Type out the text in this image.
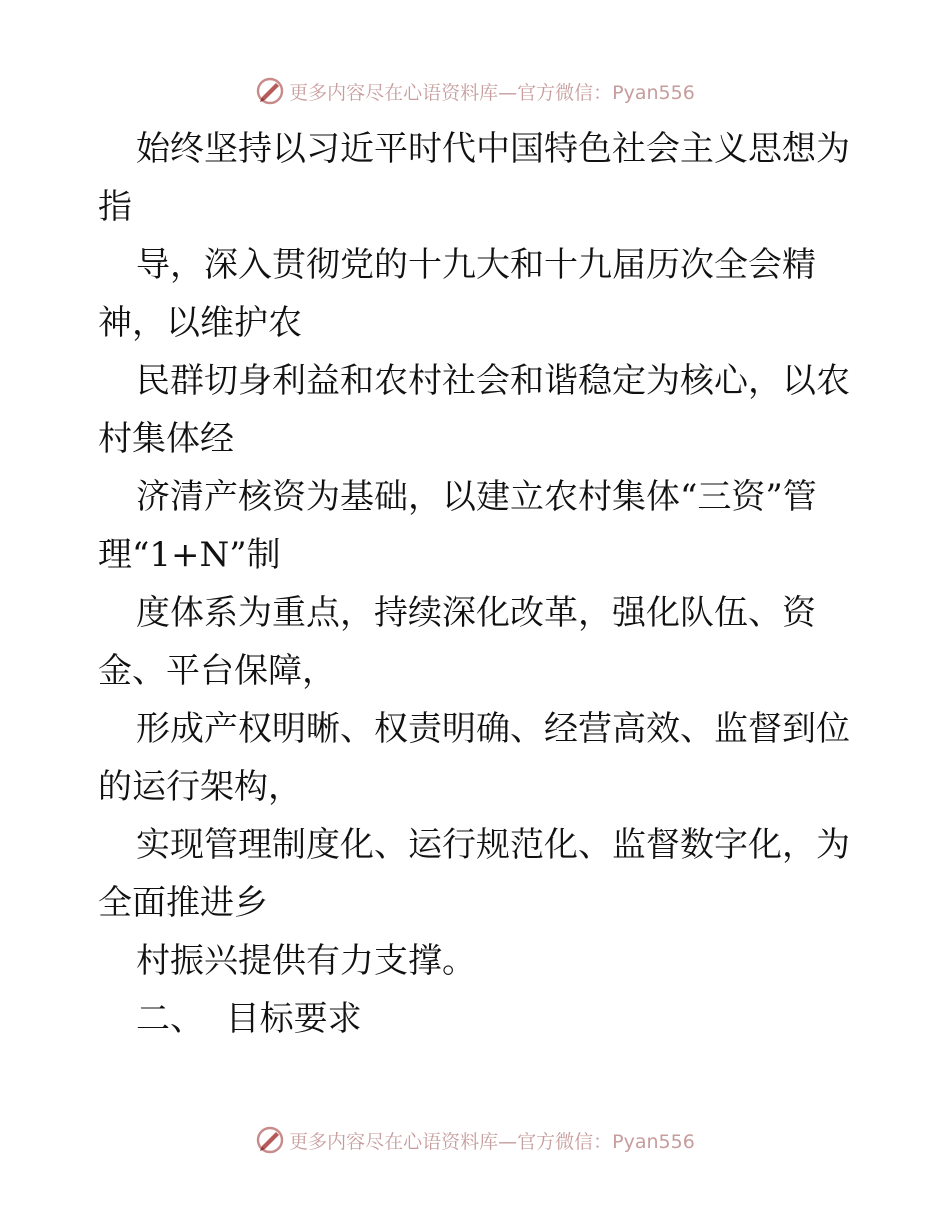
更多内容尽在心语资料库—官方微信：Pyan556

始终坚持以习近平时代中国特色社会主义思想为

指

导，深入贯彻党的十九大和十九届历次全会精

神，以维护农

民群切身利益和农村社会和谐稳定为核心，以农

村集体经

济清产核资为基础，以建立农村集体“三资”管

理“1+N”制

度体系为重点，持续深化改革，强化队伍、资

金、平台保障，

形成产权明晰、权责明确、经营高效、监督到位

的运行架构，

实现管理制度化、运行规范化、监督数字化，为

全面推进乡

村振兴提供有力支撑。

二、  目标要求

更多内容尽在心语资料库—官方微信：Pyan556
